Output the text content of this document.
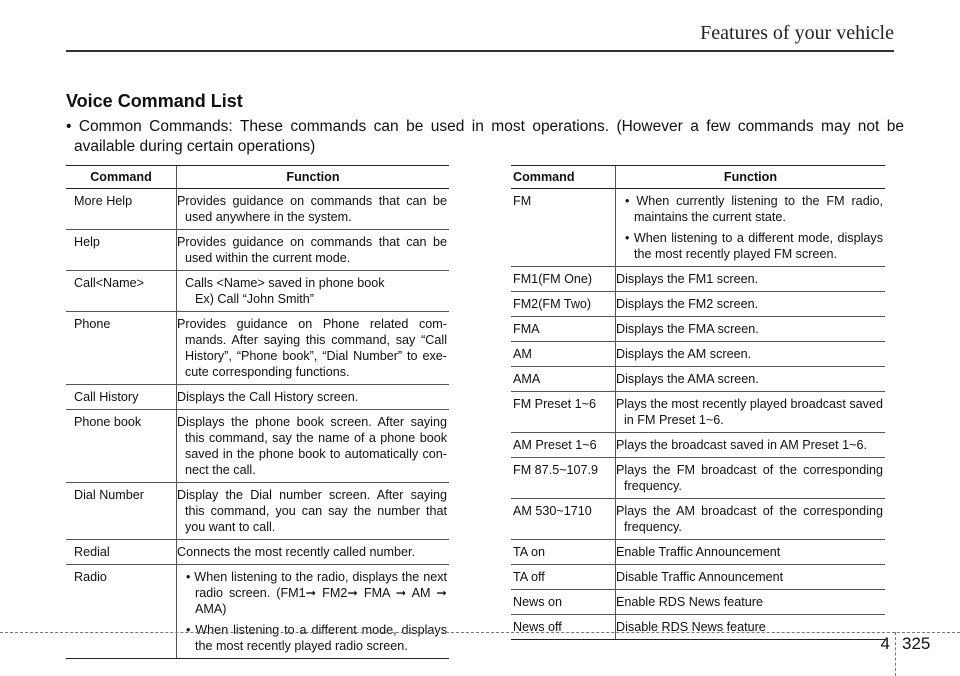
Features of your vehicle
Voice Command List
• Common Commands: These commands can be used in most operations. (However a few commands may not be available during certain operations)
Command	Function
More Help	Provides guidance on commands that can be used anywhere in the system.
Help	Provides guidance on commands that can be used within the current mode.
Call<Name>	Calls <Name> saved in phone book
Ex) Call “John Smith”

Phone	Provides guidance on Phone related com-mands. After saying this command, say “Call History”, “Phone book”, “Dial Number” to exe-cute corresponding functions.
Call History	Displays the Call History screen.
Phone book	Displays the phone book screen. After saying this command, say the name of a phone book saved in the phone book to automatically con-nect the call.
Dial Number	Display the Dial number screen. After saying this command, you can say the number that you want to call.
Redial	Connects the most recently called number.
Radio	• When listening to the radio, displays the next radio screen. (FM1➞ FM2➞ FMA ➞ AM ➞ AMA)

• When listening to a different mode, displays the most recently played radio screen.

Command	Function
FM	• When currently listening to the FM radio, maintains the current state.

• When listening to a different mode, displays the most recently played FM screen.

FM1(FM One)	Displays the FM1 screen.
FM2(FM Two)	Displays the FM2 screen.
FMA	Displays the FMA screen.
AM	Displays the AM screen.
AMA	Displays the AMA screen.
FM Preset 1~6	Plays the most recently played broadcast saved in FM Preset 1~6.
AM Preset 1~6	Plays the broadcast saved in AM Preset 1~6.
FM 87.5~107.9	Plays the FM broadcast of the corresponding frequency.
AM 530~1710	Plays the AM broadcast of the corresponding frequency.
TA on	Enable Traffic Announcement
TA off	Disable Traffic Announcement
News on	Enable RDS News feature
News off	Disable RDS News feature
4 325
